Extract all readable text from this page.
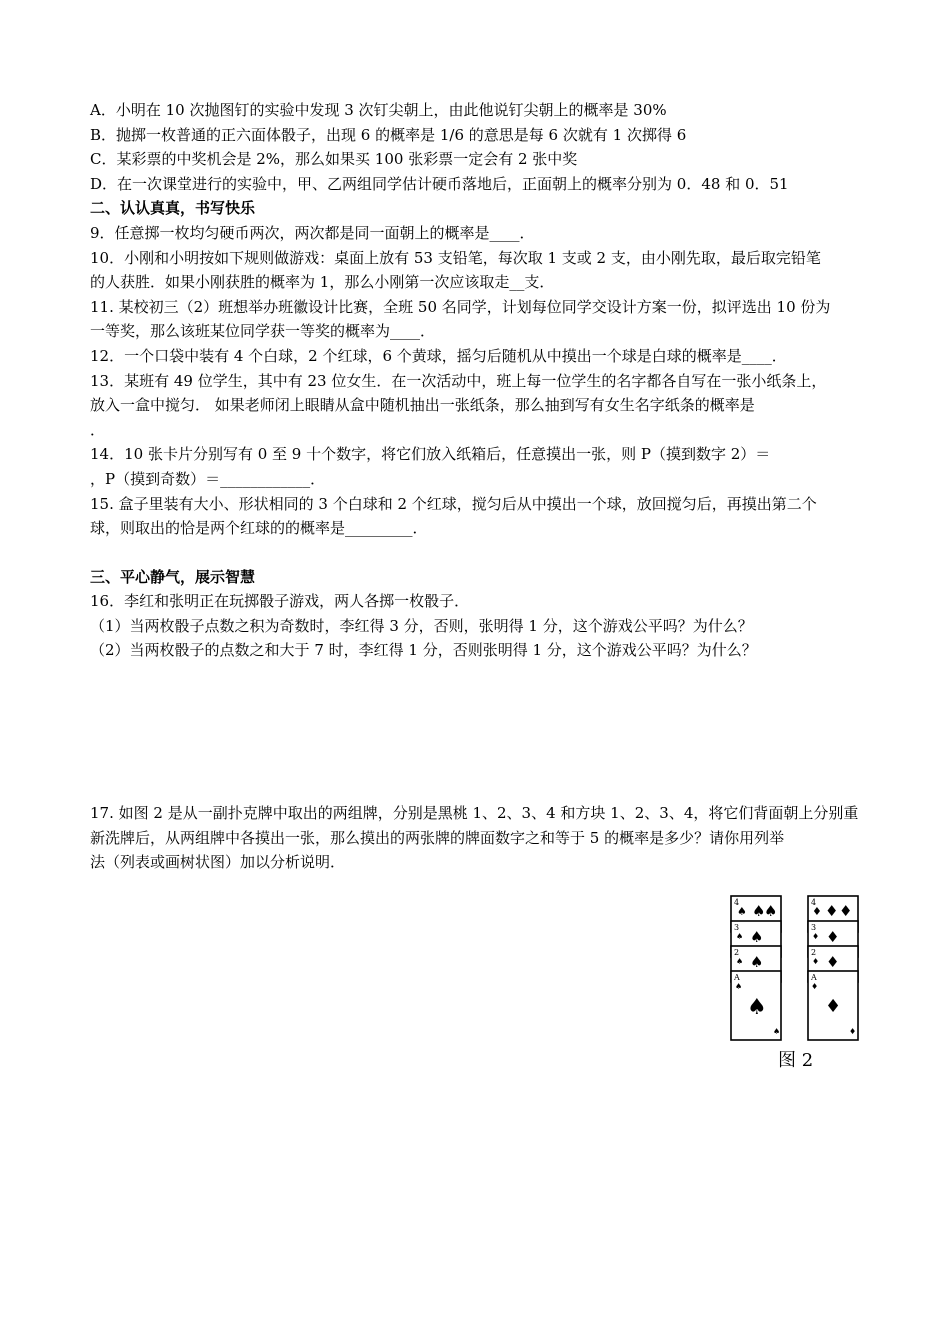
A．小明在 10 次抛图钉的实验中发现 3 次钉尖朝上，由此他说钉尖朝上的概率是 30%
B．抛掷一枚普通的正六面体骰子，出现 6 的概率是 1/6 的意思是每 6 次就有 1 次掷得 6
C．某彩票的中奖机会是 2%，那么如果买 100 张彩票一定会有 2 张中奖
D．在一次课堂进行的实验中，甲、乙两组同学估计硬币落地后，正面朝上的概率分别为 0．48 和 0．51
二、认认真真，书写快乐
9．任意掷一枚均匀硬币两次，两次都是同一面朝上的概率是____．
10．小刚和小明按如下规则做游戏：桌面上放有 53 支铅笔，每次取 1 支或 2 支，由小刚先取，最后取完铅笔
的人获胜．如果小刚获胜的概率为 1，那么小刚第一次应该取走__支．
11. 某校初三（2）班想举办班徽设计比赛，全班 50 名同学，计划每位同学交设计方案一份，拟评选出 10 份为
一等奖，那么该班某位同学获一等奖的概率为____．
12．一个口袋中装有 4 个白球，2 个红球，6 个黄球，摇匀后随机从中摸出一个球是白球的概率是____．
13．某班有 49 位学生，其中有 23 位女生．在一次活动中，班上每一位学生的名字都各自写在一张小纸条上，
放入一盒中搅匀． 如果老师闭上眼睛从盒中随机抽出一张纸条，那么抽到写有女生名字纸条的概率是
．
14．10 张卡片分别写有 0 至 9 十个数字，将它们放入纸箱后，任意摸出一张，则 P（摸到数字 2）＝
，P（摸到奇数）＝____________．
15. 盒子里装有大小、形状相同的 3 个白球和 2 个红球，搅匀后从中摸出一个球，放回搅匀后，再摸出第二个
球，则取出的恰是两个红球的的概率是_________．
三、平心静气，展示智慧
16．李红和张明正在玩掷骰子游戏，两人各掷一枚骰子．
（1）当两枚骰子点数之积为奇数时，李红得 3 分，否则，张明得 1 分，这个游戏公平吗？为什么？
（2）当两枚骰子的点数之和大于 7 时，李红得 1 分，否则张明得 1 分，这个游戏公平吗？为什么？
17. 如图 2 是从一副扑克牌中取出的两组牌，分别是黑桃 1、2、3、4 和方块 1、2、3、4，将它们背面朝上分别重
新洗牌后，从两组牌中各摸出一张，那么摸出的两张牌的牌面数字之和等于 5 的概率是多少？请你用列举
法（列表或画树状图）加以分析说明．
4
♠ ♠
♠
3
♠ ♠
2
♠ ♠
A
♠
♠
♠
4
♦ ♦ ♦
3
♦ ♦
2
♦ ♦
A
♦
♦
♦
图 2
